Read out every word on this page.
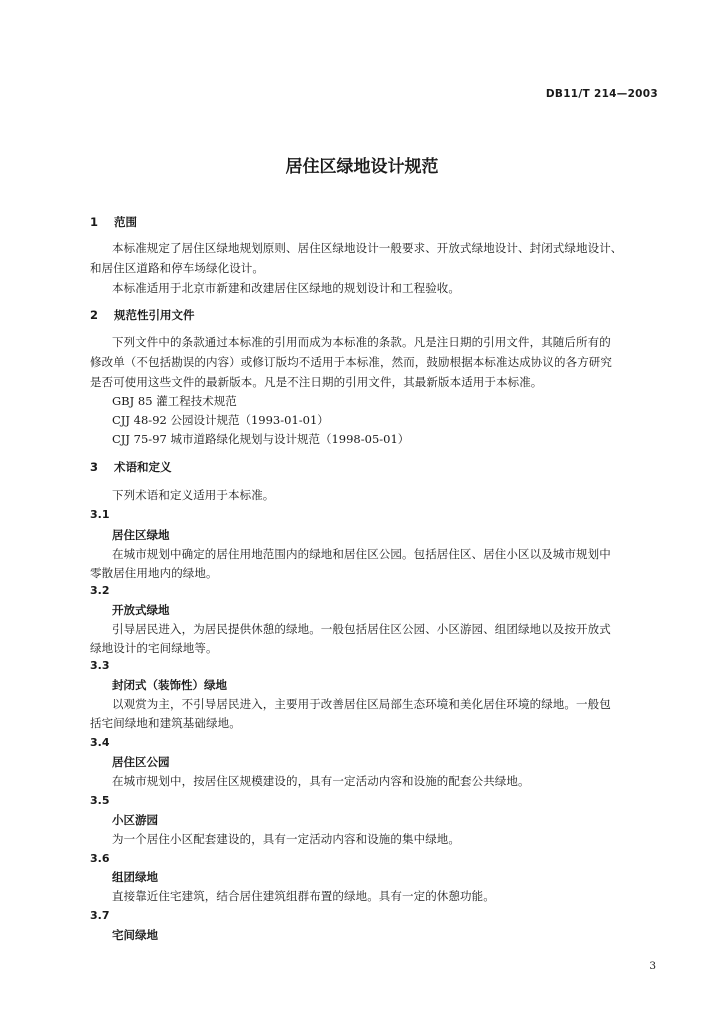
DB11/T 214—2003
居住区绿地设计规范
1 范围

本标准规定了居住区绿地规划原则、居住区绿地设计一般要求、开放式绿地设计、封闭式绿地设计、

和居住区道路和停车场绿化设计。

本标准适用于北京市新建和改建居住区绿地的规划设计和工程验收。

2 规范性引用文件

下列文件中的条款通过本标准的引用而成为本标准的条款。凡是注日期的引用文件，其随后所有的

修改单（不包括勘误的内容）或修订版均不适用于本标准，然而，鼓励根据本标准达成协议的各方研究

是否可使用这些文件的最新版本。凡是不注日期的引用文件，其最新版本适用于本标准。

GBJ 85 灌工程技术规范

CJJ 48-92 公园设计规范（1993-01-01）

CJJ 75-97 城市道路绿化规划与设计规范（1998-05-01）

3 术语和定义

下列术语和定义适用于本标准。

3.1
居住区绿地

在城市规划中确定的居住用地范围内的绿地和居住区公园。包括居住区、居住小区以及城市规划中

零散居住用地内的绿地。

3.2
开放式绿地

引导居民进入，为居民提供休憩的绿地。一般包括居住区公园、小区游园、组团绿地以及按开放式

绿地设计的宅间绿地等。

3.3
封闭式（装饰性）绿地

以观赏为主，不引导居民进入，主要用于改善居住区局部生态环境和美化居住环境的绿地。一般包

括宅间绿地和建筑基础绿地。

3.4
居住区公园

在城市规划中，按居住区规模建设的，具有一定活动内容和设施的配套公共绿地。

3.5
小区游园

为一个居住小区配套建设的，具有一定活动内容和设施的集中绿地。

3.6
组团绿地

直接靠近住宅建筑，结合居住建筑组群布置的绿地。具有一定的休憩功能。

3.7
宅间绿地
3
